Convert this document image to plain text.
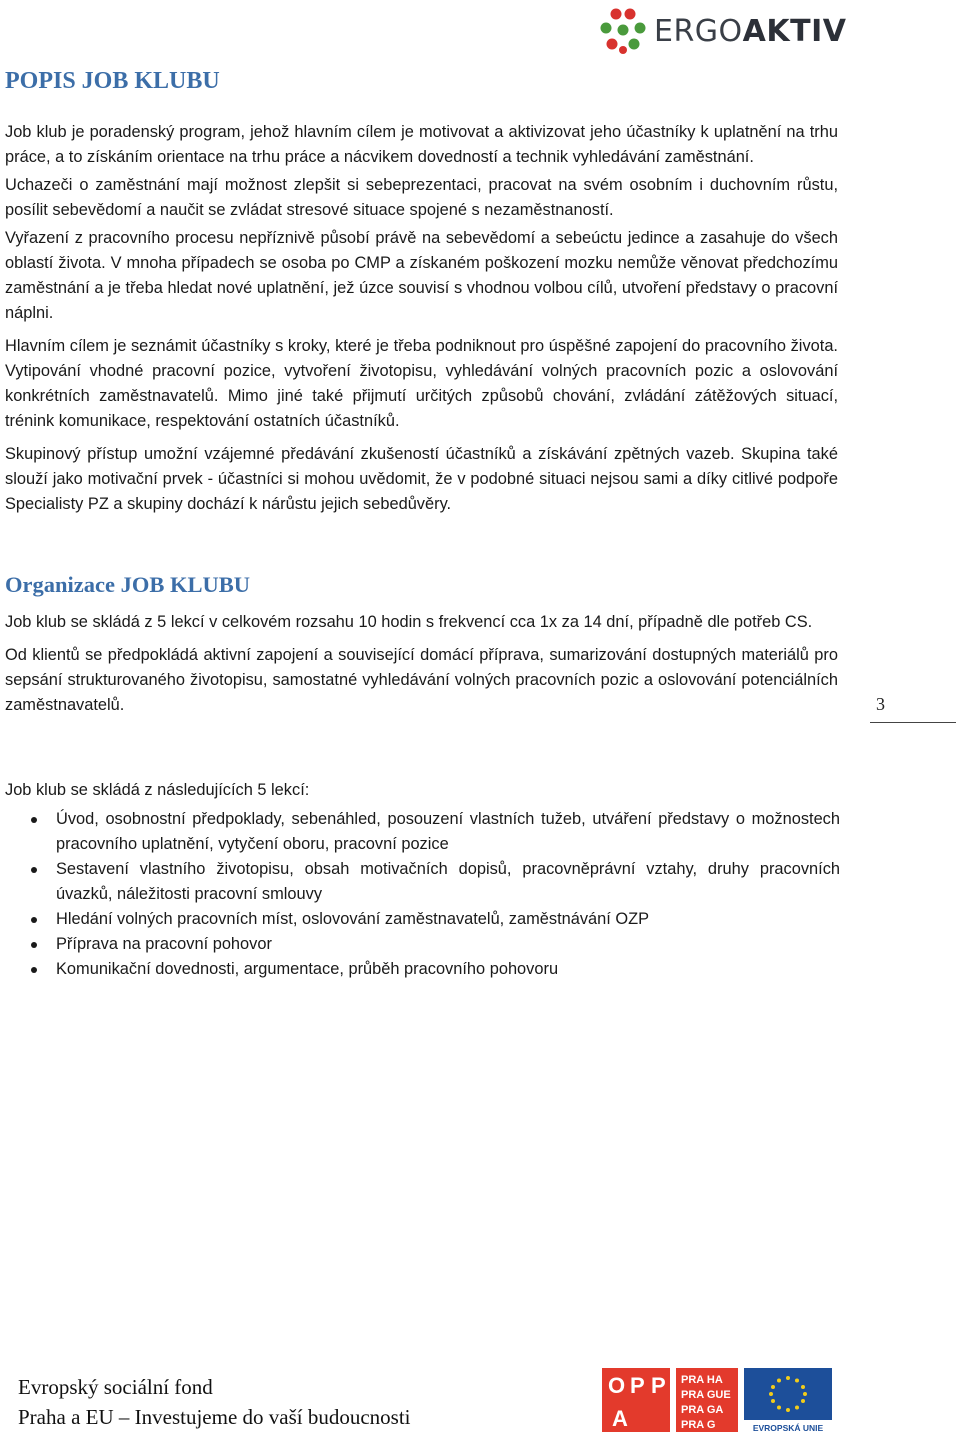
ERGOAKTIV
POPIS JOB KLUBU

Job klub je poradenský program, jehož hlavním cílem je motivovat a aktivizovat jeho účastníky k uplatnění na trhu práce, a to získáním orientace na trhu práce a nácvikem dovedností a technik vyhledávání zaměstnání.

Uchazeči o zaměstnání mají možnost zlepšit si sebeprezentaci, pracovat na svém osobním i duchovním růstu, posílit sebevědomí a naučit se zvládat stresové situace spojené s nezaměstnaností.

Vyřazení z pracovního procesu nepříznivě působí právě na sebevědomí a sebeúctu jedince a zasahuje do všech oblastí života. V mnoha případech se osoba po CMP a získaném poškození mozku nemůže věnovat předchozímu zaměstnání a je třeba hledat nové uplatnění, jež úzce souvisí s vhodnou volbou cílů, utvoření představy o pracovní náplni.

Hlavním cílem je seznámit účastníky s kroky, které je třeba podniknout pro úspěšné zapojení do pracovního života. Vytipování vhodné pracovní pozice, vytvoření životopisu, vyhledávání volných pracovních pozic a oslovování konkrétních zaměstnavatelů. Mimo jiné také přijmutí určitých způsobů chování, zvládání zátěžových situací, trénink komunikace, respektování ostatních účastníků.

Skupinový přístup umožní vzájemné předávání zkušeností účastníků a získávání zpětných vazeb. Skupina také slouží jako motivační prvek - účastníci si mohou uvědomit, že v podobné situaci nejsou sami a díky citlivé podpoře Specialisty PZ a skupiny dochází k nárůstu jejich sebedůvěry.

Organizace JOB KLUBU

Job klub se skládá z 5 lekcí v celkovém rozsahu 10 hodin s frekvencí cca 1x za 14 dní, případně dle potřeb CS.

Od klientů se předpokládá aktivní zapojení a související domácí příprava, sumarizování dostupných materiálů pro sepsání strukturovaného životopisu, samostatné vyhledávání volných pracovních pozic a oslovování potenciálních zaměstnavatelů.

Job klub se skládá z následujících 5 lekcí:

Úvod, osobnostní předpoklady, sebenáhled, posouzení vlastních tužeb, utváření představy o možnostech pracovního uplatnění, vytyčení oboru, pracovní pozice
Sestavení vlastního životopisu, obsah motivačních dopisů, pracovněprávní vztahy, druhy pracovních úvazků, náležitosti pracovní smlouvy
Hledání volných pracovních míst, oslovování zaměstnavatelů, zaměstnávání OZP
Příprava na pracovní pohovor
Komunikační dovednosti, argumentace, průběh pracovního pohovoru
3
Evropský sociální fond
Praha a EU – Investujeme do vaší budoucnosti
O P P
A
PRA HA
PRA GUE
PRA GA
PRA G	EVROPSKÁ UNIE
